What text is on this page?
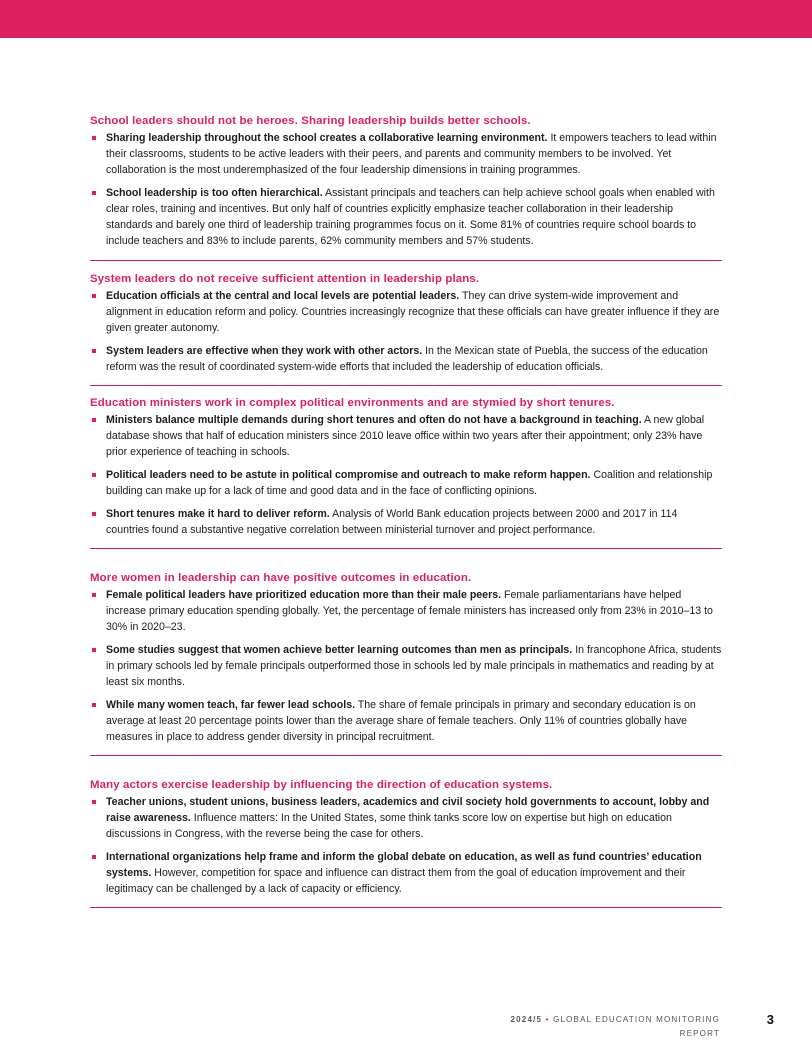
School leaders should not be heroes. Sharing leadership builds better schools.
Sharing leadership throughout the school creates a collaborative learning environment. It empowers teachers to lead within their classrooms, students to be active leaders with their peers, and parents and community members to be involved. Yet collaboration is the most underemphasized of the four leadership dimensions in training programmes.
School leadership is too often hierarchical. Assistant principals and teachers can help achieve school goals when enabled with clear roles, training and incentives. But only half of countries explicitly emphasize teacher collaboration in their leadership standards and barely one third of leadership training programmes focus on it. Some 81% of countries require school boards to include teachers and 83% to include parents, 62% community members and 57% students.
System leaders do not receive sufficient attention in leadership plans.
Education officials at the central and local levels are potential leaders. They can drive system-wide improvement and alignment in education reform and policy. Countries increasingly recognize that these officials can have greater influence if they are given greater autonomy.
System leaders are effective when they work with other actors. In the Mexican state of Puebla, the success of the education reform was the result of coordinated system-wide efforts that included the leadership of education officials.
Education ministers work in complex political environments and are stymied by short tenures.
Ministers balance multiple demands during short tenures and often do not have a background in teaching. A new global database shows that half of education ministers since 2010 leave office within two years after their appointment; only 23% have prior experience of teaching in schools.
Political leaders need to be astute in political compromise and outreach to make reform happen. Coalition and relationship building can make up for a lack of time and good data and in the face of conflicting opinions.
Short tenures make it hard to deliver reform. Analysis of World Bank education projects between 2000 and 2017 in 114 countries found a substantive negative correlation between ministerial turnover and project performance.
More women in leadership can have positive outcomes in education.
Female political leaders have prioritized education more than their male peers. Female parliamentarians have helped increase primary education spending globally. Yet, the percentage of female ministers has increased only from 23% in 2010–13 to 30% in 2020–23.
Some studies suggest that women achieve better learning outcomes than men as principals. In francophone Africa, students in primary schools led by female principals outperformed those in schools led by male principals in mathematics and reading by at least six months.
While many women teach, far fewer lead schools. The share of female principals in primary and secondary education is on average at least 20 percentage points lower than the average share of female teachers. Only 11% of countries globally have measures in place to address gender diversity in principal recruitment.
Many actors exercise leadership by influencing the direction of education systems.
Teacher unions, student unions, business leaders, academics and civil society hold governments to account, lobby and raise awareness. Influence matters: In the United States, some think tanks score low on expertise but high on education discussions in Congress, with the reverse being the case for others.
International organizations help frame and inform the global debate on education, as well as fund countries’ education systems. However, competition for space and influence can distract them from the goal of education improvement and their legitimacy can be challenged by a lack of capacity or efficiency.
2024/5 • GLOBAL EDUCATION MONITORING REPORT
3
